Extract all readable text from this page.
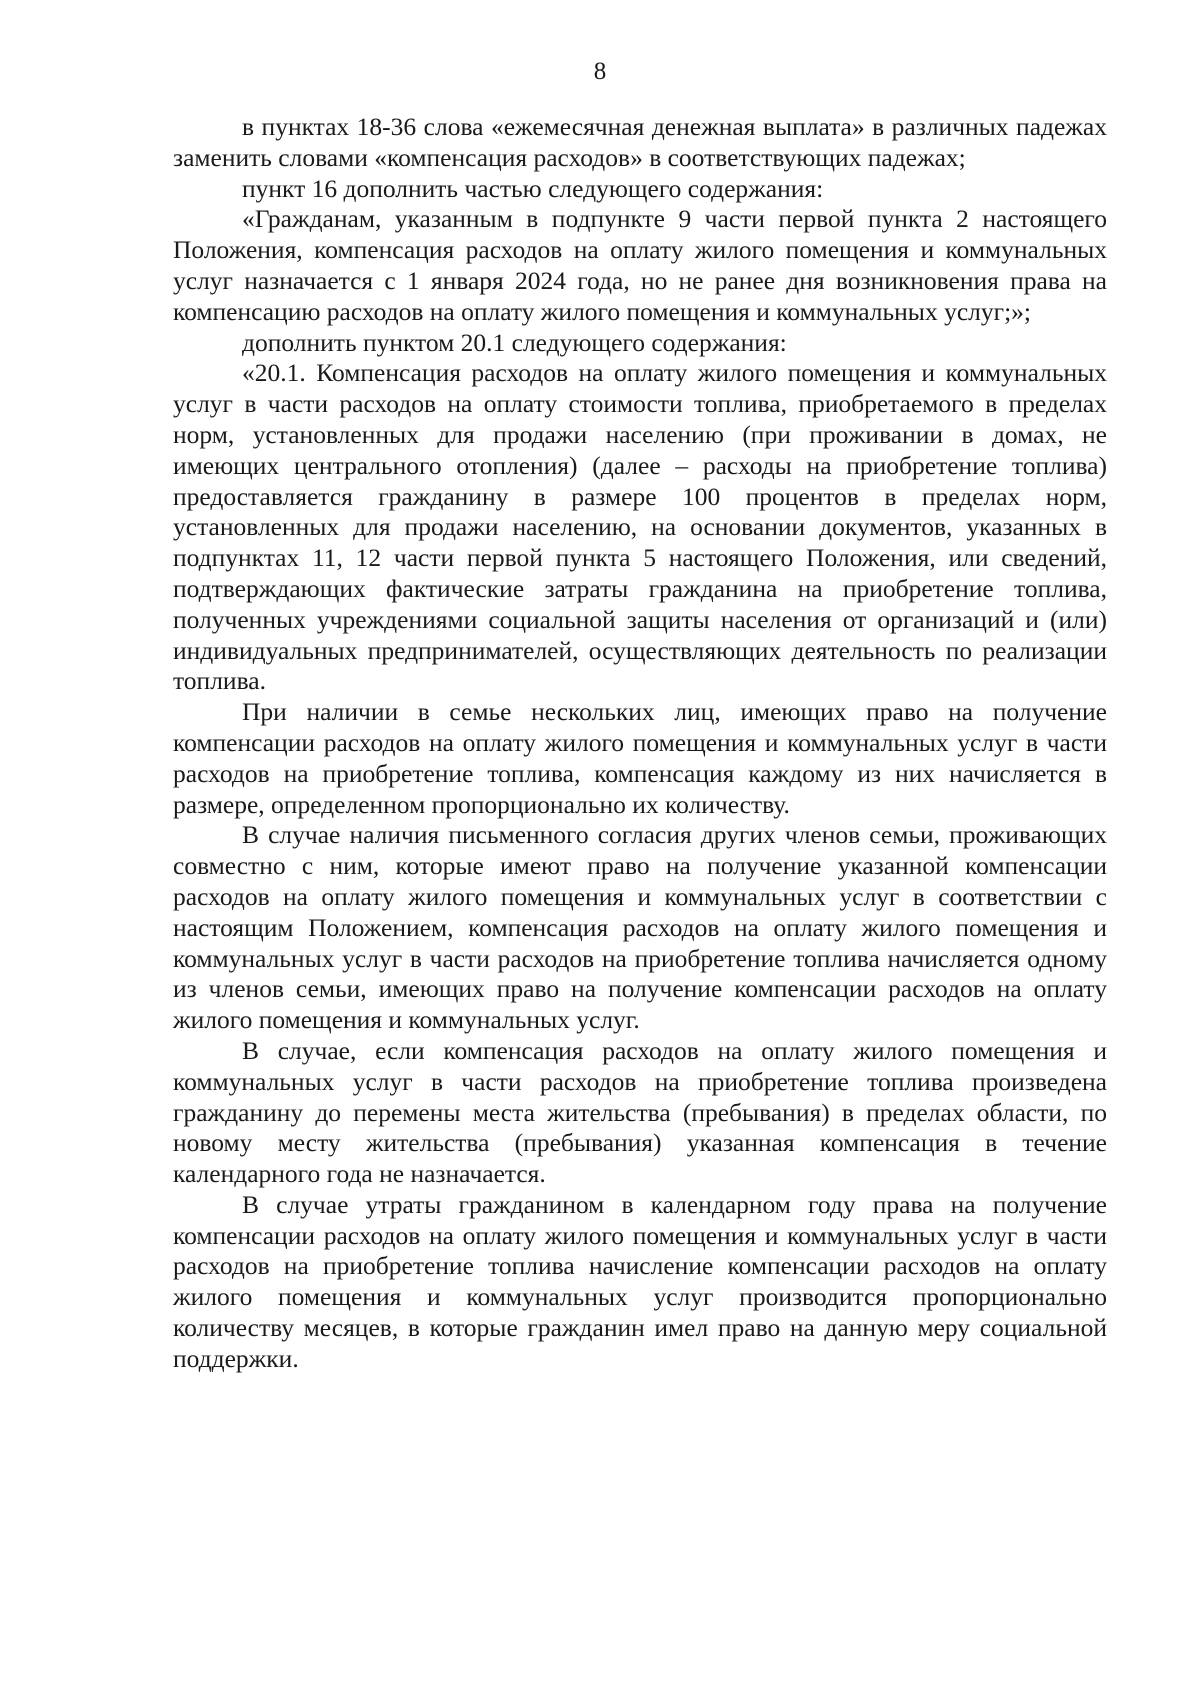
8

в пунктах 18-36 слова «ежемесячная денежная выплата» в различных падежах заменить словами «компенсация расходов» в соответствующих падежах;

пункт 16 дополнить частью следующего содержания:

«Гражданам, указанным в подпункте 9 части первой пункта 2 настоящего Положения, компенсация расходов на оплату жилого помещения и коммунальных услуг назначается с 1 января 2024 года, но не ранее дня возникновения права на компенсацию расходов на оплату жилого помещения и коммунальных услуг;»;

дополнить пунктом 20.1 следующего содержания:

«20.1. Компенсация расходов на оплату жилого помещения и коммунальных услуг в части расходов на оплату стоимости топлива, приобретаемого в пределах норм, установленных для продажи населению (при проживании в домах, не имеющих центрального отопления) (далее – расходы на приобретение топлива) предоставляется гражданину в размере 100 процентов в пределах норм, установленных для продажи населению, на основании документов, указанных в подпунктах 11, 12 части первой пункта 5 настоящего Положения, или сведений, подтверждающих фактические затраты гражданина на приобретение топлива, полученных учреждениями социальной защиты населения от организаций и (или) индивидуальных предпринимателей, осуществляющих деятельность по реализации топлива.

При наличии в семье нескольких лиц, имеющих право на получение компенсации расходов на оплату жилого помещения и коммунальных услуг в части расходов на приобретение топлива, компенсация каждому из них начисляется в размере, определенном пропорционально их количеству.

В случае наличия письменного согласия других членов семьи, проживающих совместно с ним, которые имеют право на получение указанной компенсации расходов на оплату жилого помещения и коммунальных услуг в соответствии с настоящим Положением, компенсация расходов на оплату жилого помещения и коммунальных услуг в части расходов на приобретение топлива начисляется одному из членов семьи, имеющих право на получение компенсации расходов на оплату жилого помещения и коммунальных услуг.

В случае, если компенсация расходов на оплату жилого помещения и коммунальных услуг в части расходов на приобретение топлива произведена гражданину до перемены места жительства (пребывания) в пределах области, по новому месту жительства (пребывания) указанная компенсация в течение календарного года не назначается.

В случае утраты гражданином в календарном году права на получение компенсации расходов на оплату жилого помещения и коммунальных услуг в части расходов на приобретение топлива начисление компенсации расходов на оплату жилого помещения и коммунальных услуг производится пропорционально количеству месяцев, в которые гражданин имел право на данную меру социальной поддержки.
